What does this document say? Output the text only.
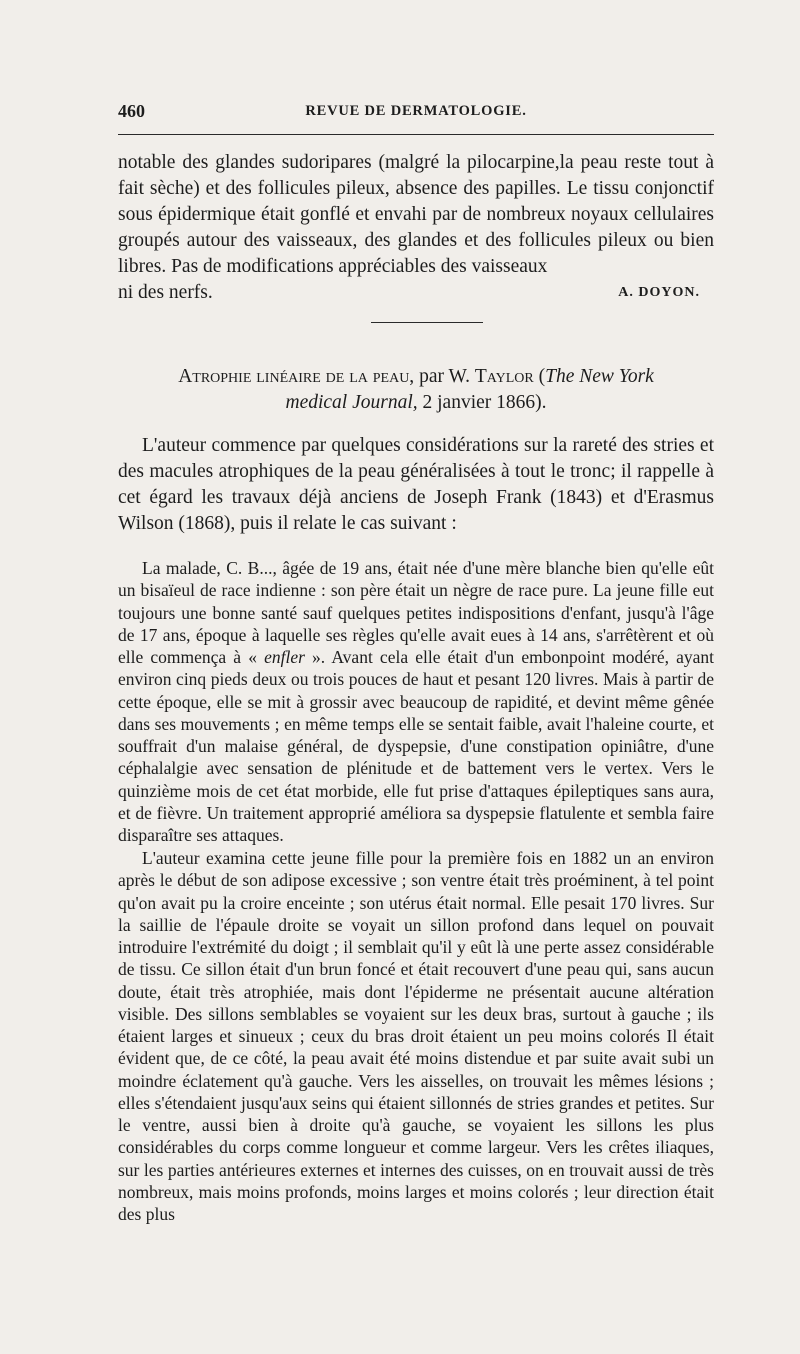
460	REVUE DE DERMATOLOGIE.

notable des glandes sudoripares (malgré la pilocarpine,la peau reste tout à fait sèche) et des follicules pileux, absence des papilles. Le tissu conjonctif sous épidermique était gonflé et envahi par de nombreux noyaux cellulaires groupés autour des vaisseaux, des glandes et des follicules pileux ou bien libres. Pas de modifications appréciables des vaisseaux

ni des nerfs.	A. DOYON.
Atrophie linéaire de la peau, par W. Taylor (The New York
medical Journal, 2 janvier 1866).

L'auteur commence par quelques considérations sur la rareté des stries et des macules atrophiques de la peau généralisées à tout le tronc; il rappelle à cet égard les travaux déjà anciens de Joseph Frank (1843) et d'Erasmus Wilson (1868), puis il relate le cas suivant :

La malade, C. B..., âgée de 19 ans, était née d'une mère blanche bien qu'elle eût un bisaïeul de race indienne : son père était un nègre de race pure. La jeune fille eut toujours une bonne santé sauf quelques petites indispositions d'enfant, jusqu'à l'âge de 17 ans, époque à laquelle ses règles qu'elle avait eues à 14 ans, s'arrêtèrent et où elle commença à « enfler ». Avant cela elle était d'un embonpoint modéré, ayant environ cinq pieds deux ou trois pouces de haut et pesant 120 livres. Mais à partir de cette époque, elle se mit à grossir avec beaucoup de rapidité, et devint même gênée dans ses mouvements ; en même temps elle se sentait faible, avait l'haleine courte, et souffrait d'un malaise général, de dyspepsie, d'une constipation opiniâtre, d'une céphalalgie avec sensation de plénitude et de battement vers le vertex. Vers le quinzième mois de cet état morbide, elle fut prise d'attaques épileptiques sans aura, et de fièvre. Un traitement approprié améliora sa dyspepsie flatulente et sembla faire disparaître ses attaques.

L'auteur examina cette jeune fille pour la première fois en 1882 un an environ après le début de son adipose excessive ; son ventre était très proéminent, à tel point qu'on avait pu la croire enceinte ; son utérus était normal. Elle pesait 170 livres. Sur la saillie de l'épaule droite se voyait un sillon profond dans lequel on pouvait introduire l'extrémité du doigt ; il semblait qu'il y eût là une perte assez considérable de tissu. Ce sillon était d'un brun foncé et était recouvert d'une peau qui, sans aucun doute, était très atrophiée, mais dont l'épiderme ne présentait aucune altération visible. Des sillons semblables se voyaient sur les deux bras, surtout à gauche ; ils étaient larges et sinueux ; ceux du bras droit étaient un peu moins colorés Il était évident que, de ce côté, la peau avait été moins distendue et par suite avait subi un moindre éclatement qu'à gauche. Vers les aisselles, on trouvait les mêmes lésions ; elles s'étendaient jusqu'aux seins qui étaient sillonnés de stries grandes et petites. Sur le ventre, aussi bien à droite qu'à gauche, se voyaient les sillons les plus considérables du corps comme longueur et comme largeur. Vers les crêtes iliaques, sur les parties antérieures externes et internes des cuisses, on en trouvait aussi de très nombreux, mais moins profonds, moins larges et moins colorés ; leur direction était des plus
